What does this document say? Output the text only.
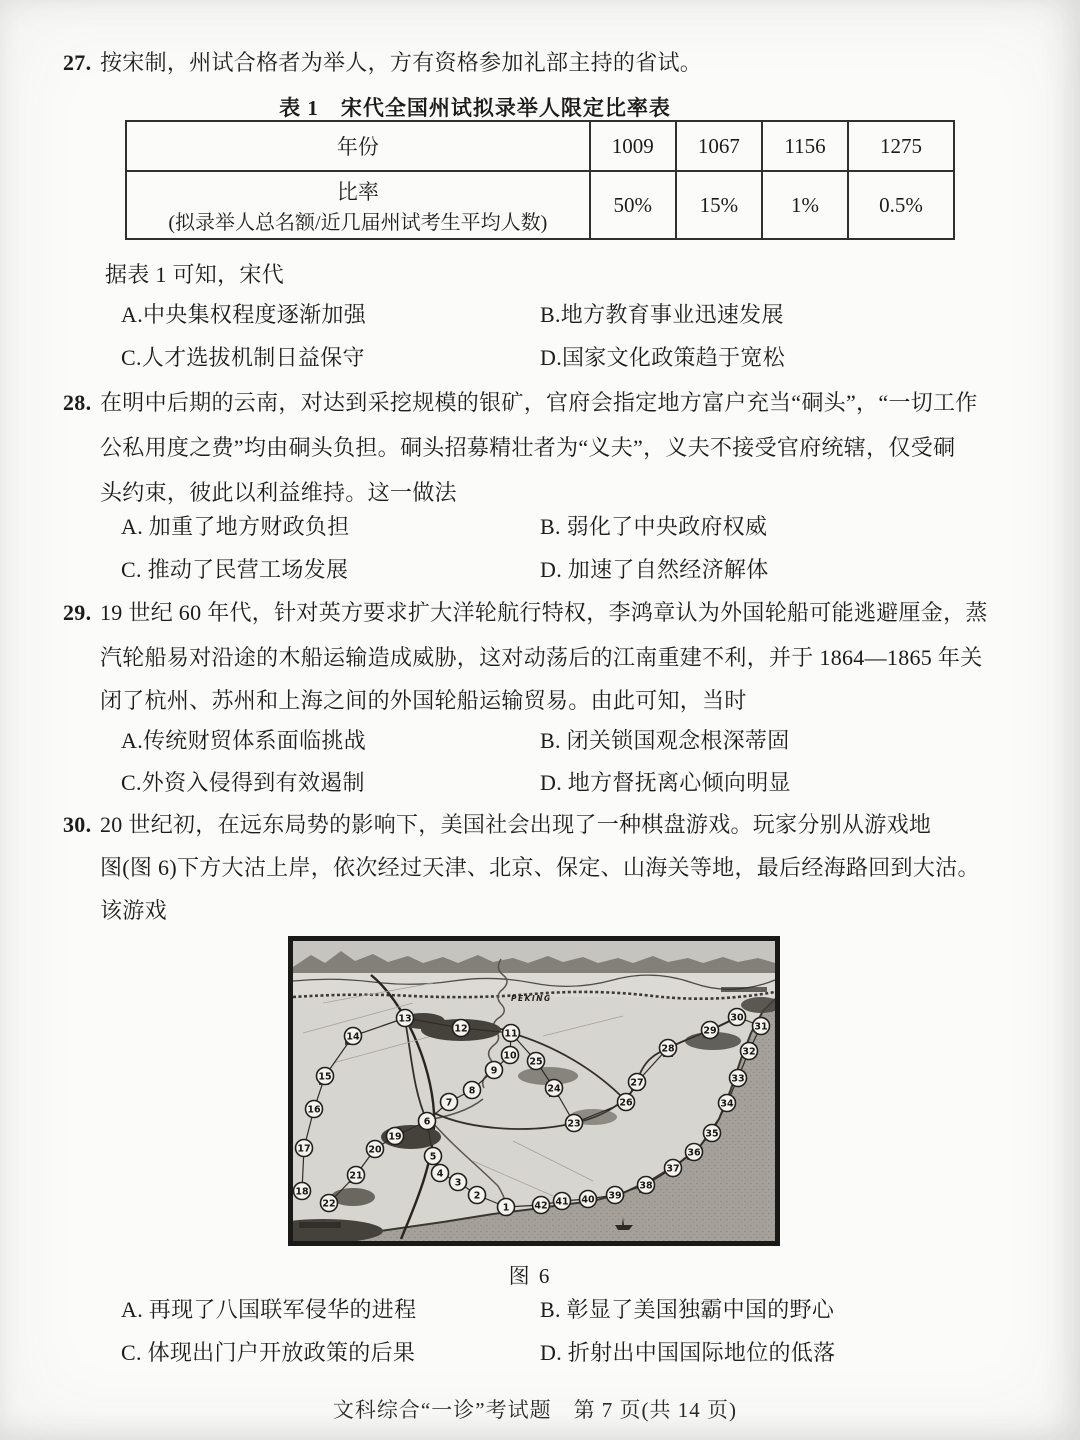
27. 按宋制，州试合格者为举人，方有资格参加礼部主持的省试。
表 1　宋代全国州试拟录举人限定比率表
年份	1009	1067	1156	1275

比率
(拟录举人总名额/近几届州试考生平均人数)	50%	15%	1%	0.5%
据表 1 可知，宋代
A.中央集权程度逐渐加强	B.地方教育事业迅速发展
C.人才选拔机制日益保守	D.国家文化政策趋于宽松
28. 在明中后期的云南，对达到采挖规模的银矿，官府会指定地方富户充当“硐头”，“一切工作
公私用度之费”均由硐头负担。硐头招募精壮者为“义夫”，义夫不接受官府统辖，仅受硐
头约束，彼此以利益维持。这一做法
A. 加重了地方财政负担	B. 弱化了中央政府权威
C. 推动了民营工场发展	D. 加速了自然经济解体
29. 19 世纪 60 年代，针对英方要求扩大洋轮航行特权，李鸿章认为外国轮船可能逃避厘金，蒸
汽轮船易对沿途的木船运输造成威胁，这对动荡后的江南重建不利，并于 1864—1865 年关
闭了杭州、苏州和上海之间的外国轮船运输贸易。由此可知，当时
A.传统财贸体系面临挑战	B. 闭关锁国观念根深蒂固
C.外资入侵得到有效遏制	D. 地方督抚离心倾向明显
30. 20 世纪初，在远东局势的影响下，美国社会出现了一种棋盘游戏。玩家分别从游戏地
图(图 6)下方大沽上岸，依次经过天津、北京、保定、山海关等地，最后经海路回到大沽。
该游戏
PEKING
1
2
3
4
5
6
7
8
9
10
11
12
13
14
15
16
17
18
19
20
21
22
23
24
25
26
27
28
29
30
31
32
33
34
35
36
37
38
39
40
41
42
图 6
A. 再现了八国联军侵华的进程	B. 彰显了美国独霸中国的野心
C. 体现出门户开放政策的后果	D. 折射出中国国际地位的低落
文科综合“一诊”考试题　第 7 页(共 14 页)
